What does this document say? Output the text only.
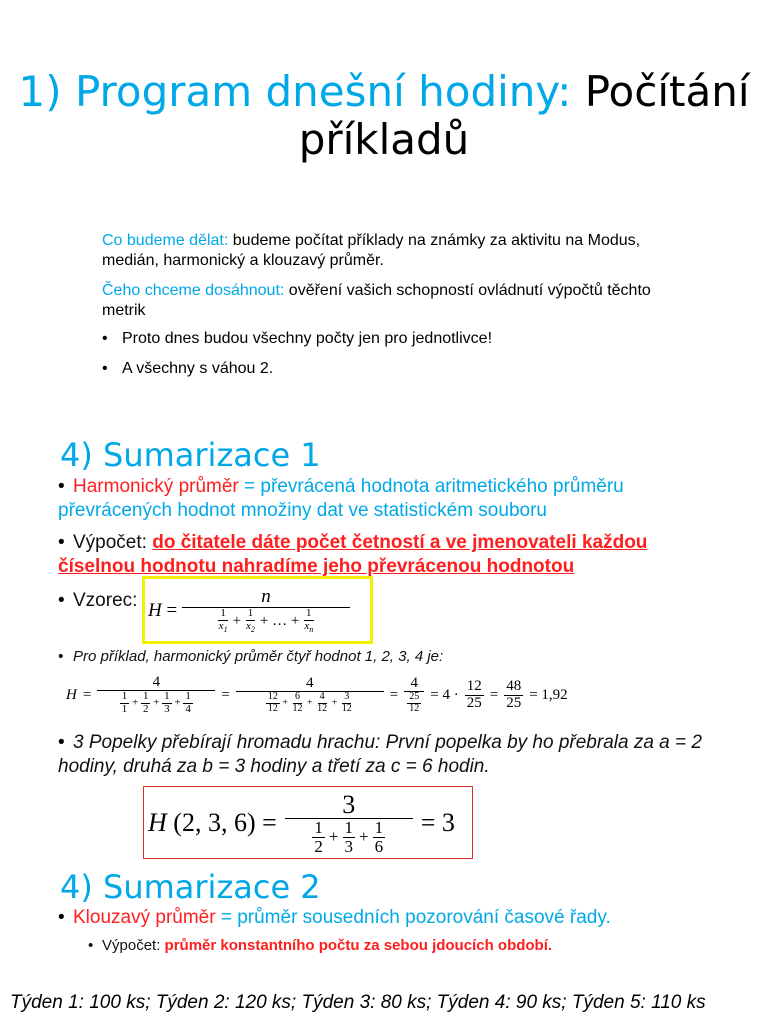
1) Program dnešní hodiny: Počítání příkladů
Co budeme dělat: budeme počítat příklady na známky za aktivitu na Modus, medián, harmonický a klouzavý průměr.
Čeho chceme dosáhnout: ověření vašich schopností ovládnutí výpočtů těchto metrik
• Proto dnes budou všechny počty jen pro jednotlivce!
• A všechny s váhou 2.
4) Sumarizace 1
• Harmonický průměr = převrácená hodnota aritmetického průměru převrácených hodnot množiny dat ve statistickém souboru
• Výpočet: do čitatele dáte počet četností a ve jmenovateli každou číselnou hodnotu nahradíme jeho převrácenou hodnotou
• Vzorec: $H = \frac{n}{\frac{1}{x_1} + \frac{1}{x_2} + \dots + \frac{1}{x_n}}$
• Pro příklad, harmonický průměr čtyř hodnot 1, 2, 3, 4 je:
$H = \frac{4}{\frac{1}{1} + \frac{1}{2} + \frac{1}{3} + \frac{1}{4}} = \frac{4}{\frac{12}{12} + \frac{6}{12} + \frac{4}{12} + \frac{3}{12}} = \frac{4}{\frac{25}{12}} = 4 \cdot \frac{12}{25} = \frac{48}{25} = 1,92$
• 3 Popelky přebírají hromadu hrachu: První popelka by ho přebrala za a = 2 hodiny, druhá za b = 3 hodiny a třetí za c = 6 hodin.
H (2, 3, $6) = \frac{3}{\frac{1}{2} + \frac{1}{3} + \frac{1}{6}} = 3$
4) Sumarizace 2
• Klouzavý průměr = průměr sousedních pozorování časové řady.
• Výpočet: průměr konstantního počtu za sebou jdoucích období.
Týden 1: 100 ks; Týden 2: 120 ks; Týden 3: 80 ks; Týden 4: 90 ks; Týden 5: 110 ks
